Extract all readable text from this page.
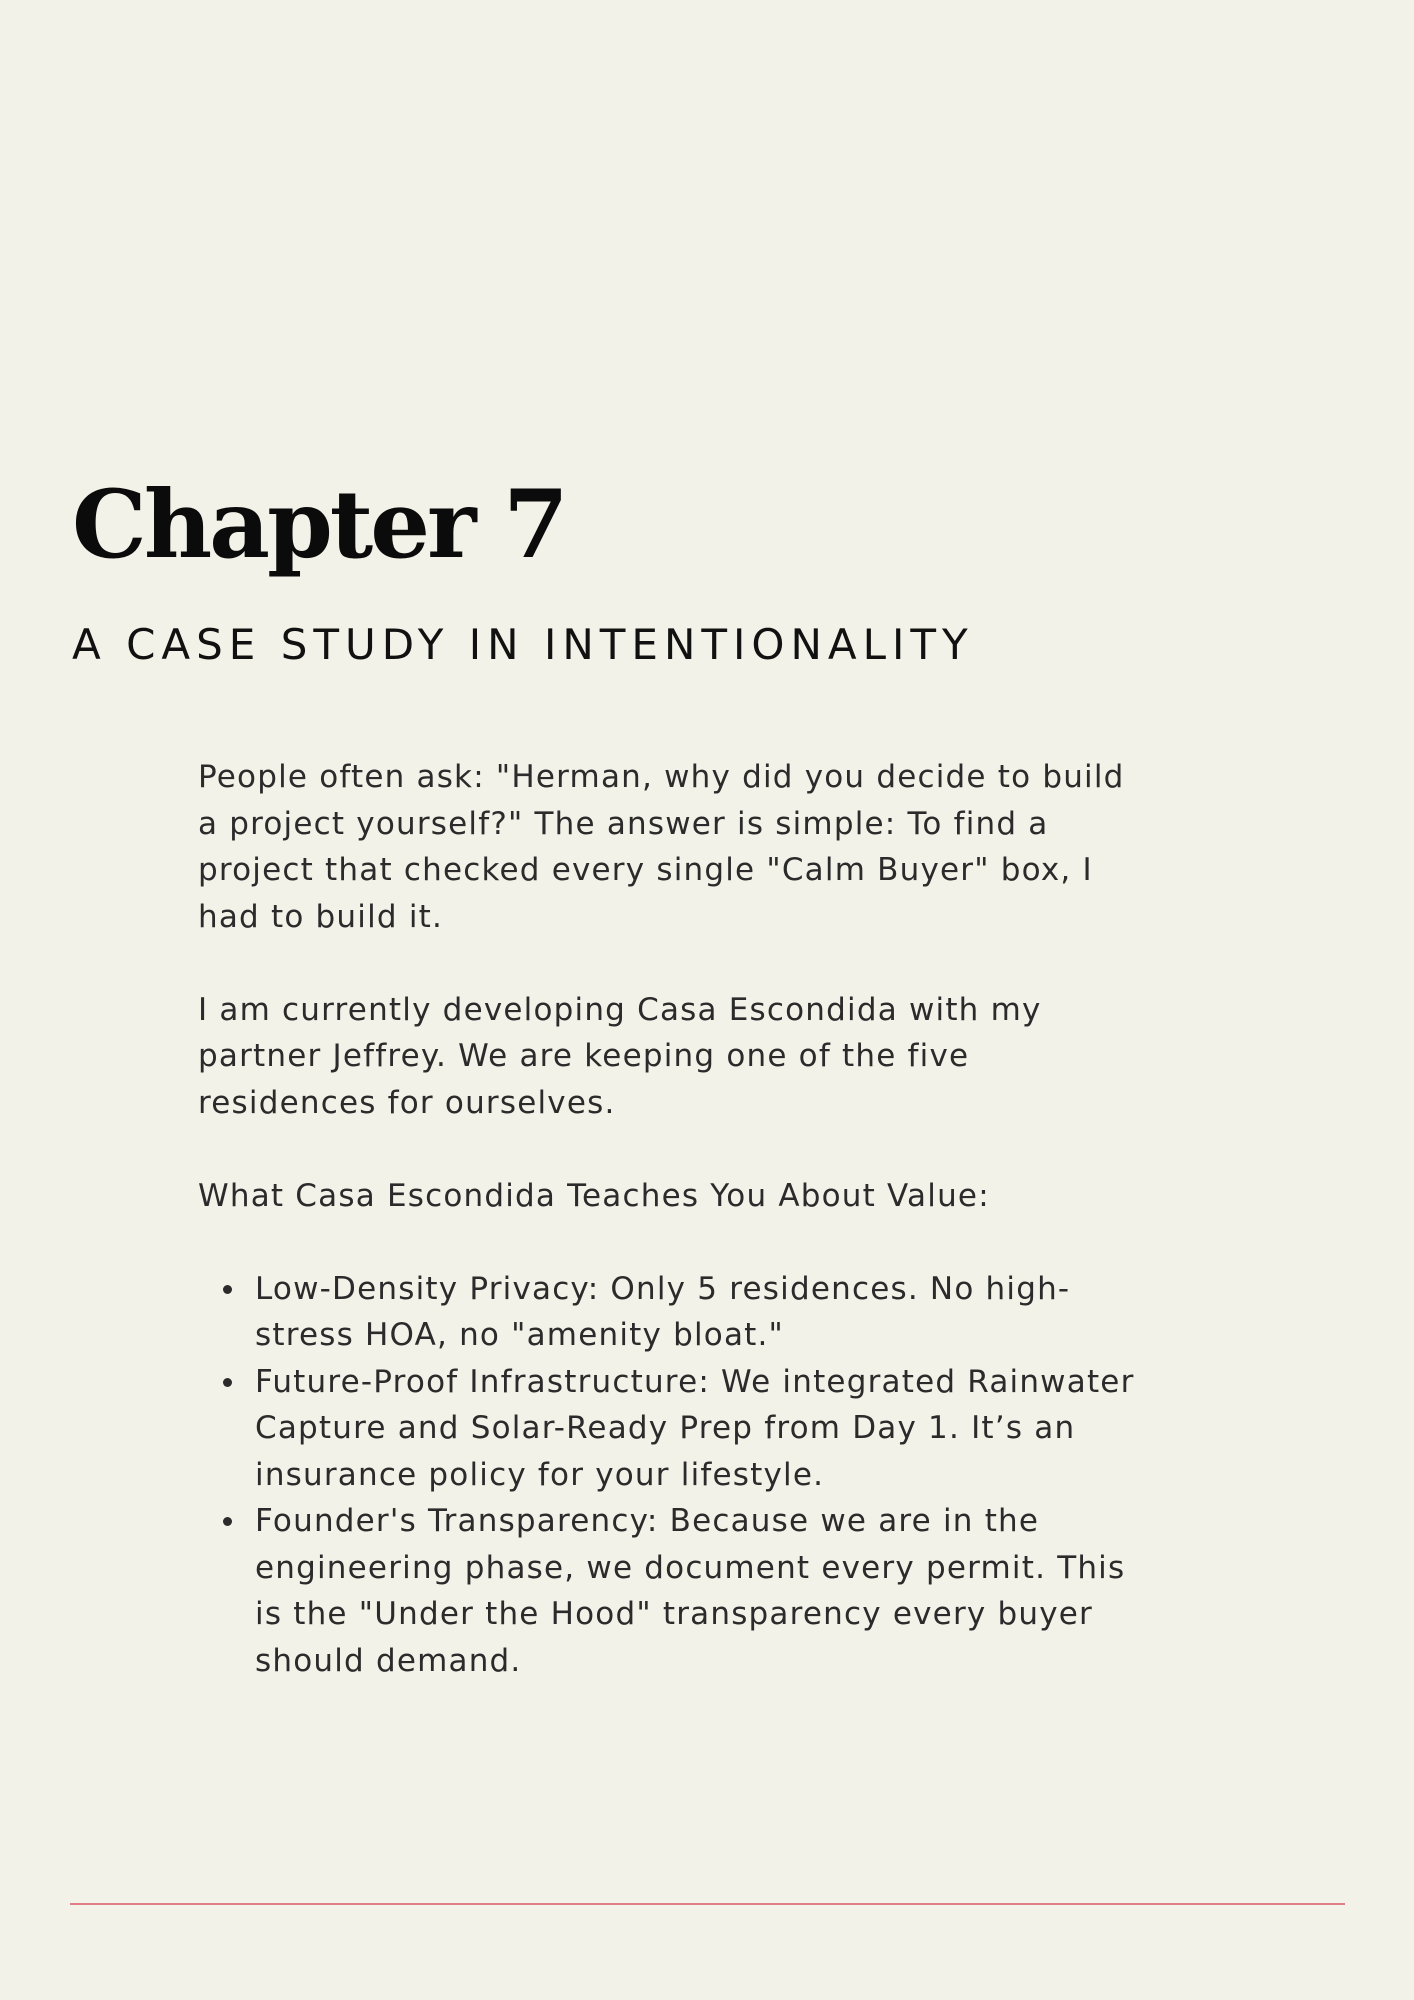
Chapter 7
A CASE STUDY IN INTENTIONALITY

People often ask: "Herman, why did you decide to build a project yourself?" The answer is simple: To find a project that checked every single "Calm Buyer" box, I had to build it.

I am currently developing Casa Escondida with my partner Jeffrey. We are keeping one of the five residences for ourselves.

What Casa Escondida Teaches You About Value:

Low-Density Privacy: Only 5 residences. No high-stress HOA, no "amenity bloat."
Future-Proof Infrastructure: We integrated Rainwater Capture and Solar-Ready Prep from Day 1. It’s an insurance policy for your lifestyle.
Founder's Transparency: Because we are in the engineering phase, we document every permit. This is the "Under the Hood" transparency every buyer should demand.
